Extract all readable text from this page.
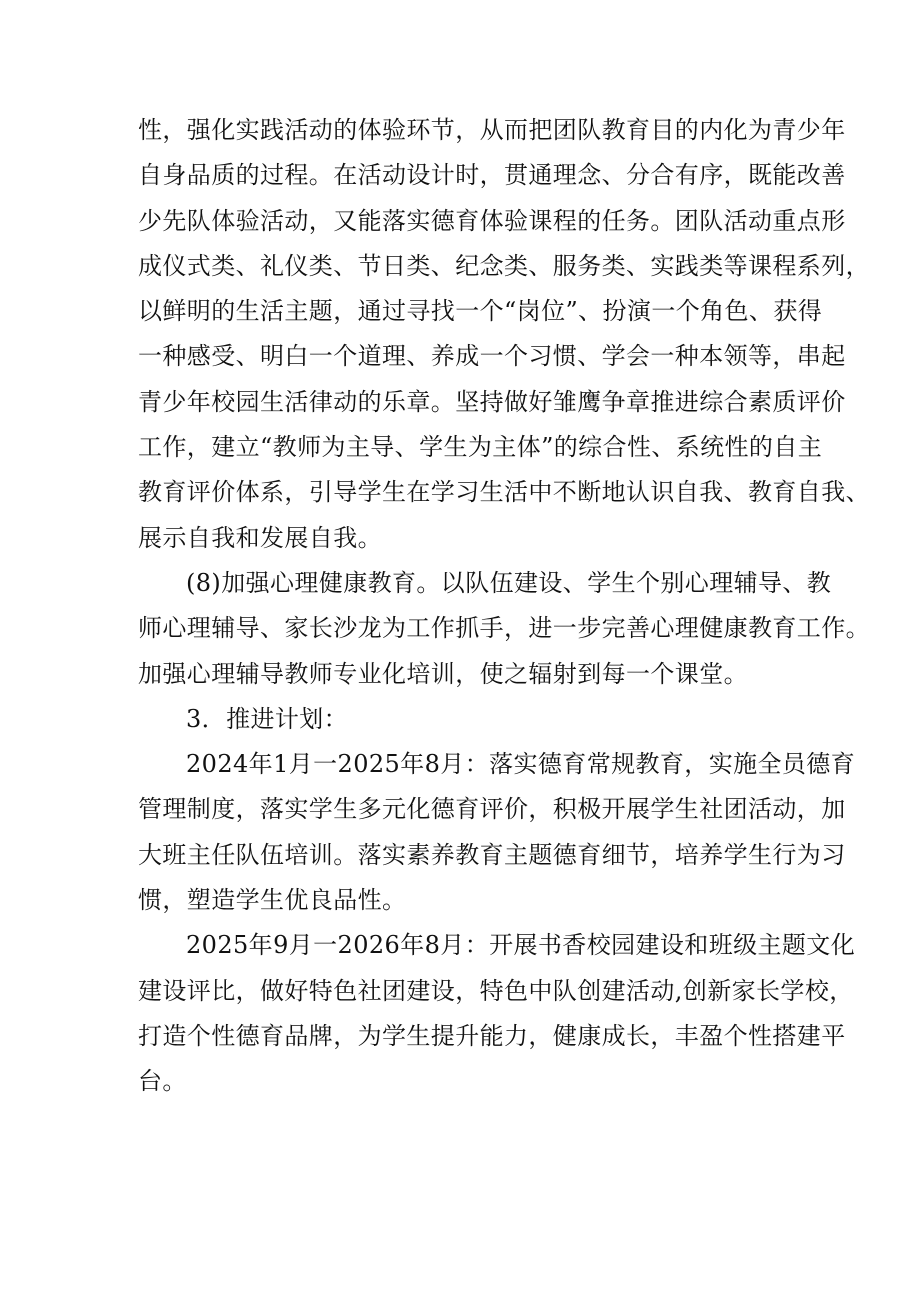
性，强化实践活动的体验环节，从而把团队教育目的内化为青少年
自身品质的过程。在活动设计时，贯通理念、分合有序，既能改善
少先队体验活动，又能落实德育体验课程的任务。团队活动重点形
成仪式类、礼仪类、节日类、纪念类、服务类、实践类等课程系列，
以鲜明的生活主题，通过寻找一个“岗位”、扮演一个角色、获得
一种感受、明白一个道理、养成一个习惯、学会一种本领等，串起
青少年校园生活律动的乐章。坚持做好雏鹰争章推进综合素质评价
工作，建立“教师为主导、学生为主体”的综合性、系统性的自主
教育评价体系，引导学生在学习生活中不断地认识自我、教育自我、
展示自我和发展自我。
(8)加强心理健康教育。以队伍建设、学生个别心理辅导、教
师心理辅导、家长沙龙为工作抓手，进一步完善心理健康教育工作。
加强心理辅导教师专业化培训，使之辐射到每一个课堂。
3．推进计划：
2024年1月一2025年8月：落实德育常规教育，实施全员德育
管理制度，落实学生多元化德育评价，积极开展学生社团活动，加
大班主任队伍培训。落实素养教育主题德育细节，培养学生行为习
惯，塑造学生优良品性。
2025年9月一2026年8月：开展书香校园建设和班级主题文化
建设评比，做好特色社团建设，特色中队创建活动,创新家长学校，
打造个性德育品牌，为学生提升能力，健康成长，丰盈个性搭建平
台。
